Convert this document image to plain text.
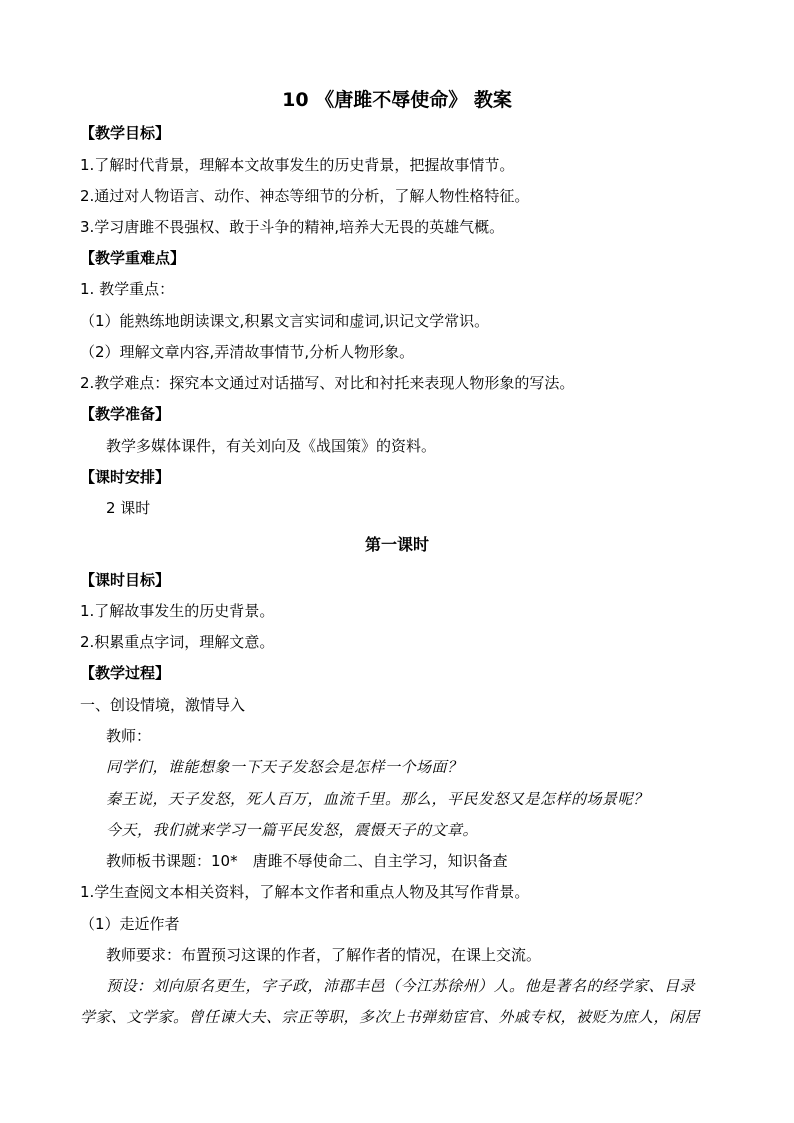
10 《唐雎不辱使命》 教案
【教学目标】
1.了解时代背景，理解本文故事发生的历史背景，把握故事情节。
2.通过对人物语言、动作、神态等细节的分析，了解人物性格特征。
3.学习唐雎不畏强权、敢于斗争的精神,培养大无畏的英雄气概。
【教学重难点】
1. 教学重点：
（1）能熟练地朗读课文,积累文言实词和虚词,识记文学常识。
（2）理解文章内容,弄清故事情节,分析人物形象。
2.教学难点：探究本文通过对话描写、对比和衬托来表现人物形象的写法。
【教学准备】
教学多媒体课件，有关刘向及《战国策》的资料。
【课时安排】
2 课时
第一课时
【课时目标】
1.了解故事发生的历史背景。
2.积累重点字词，理解文意。
【教学过程】
一、创设情境，激情导入
教师：
同学们，谁能想象一下天子发怒会是怎样一个场面？
秦王说，天子发怒，死人百万，血流千里。那么，平民发怒又是怎样的场景呢？
今天，我们就来学习一篇平民发怒，震慑天子的文章。
教师板书课题：10*　唐雎不辱使命二、自主学习，知识备查
1.学生查阅文本相关资料，了解本文作者和重点人物及其写作背景。
（1）走近作者
教师要求：布置预习这课的作者，了解作者的情况，在课上交流。
预设：刘向原名更生，字子政，沛郡丰邑（今江苏徐州）人。他是著名的经学家、目录
学家、文学家。曾任谏大夫、宗正等职，多次上书弹劾宦官、外戚专权，被贬为庶人，闲居
